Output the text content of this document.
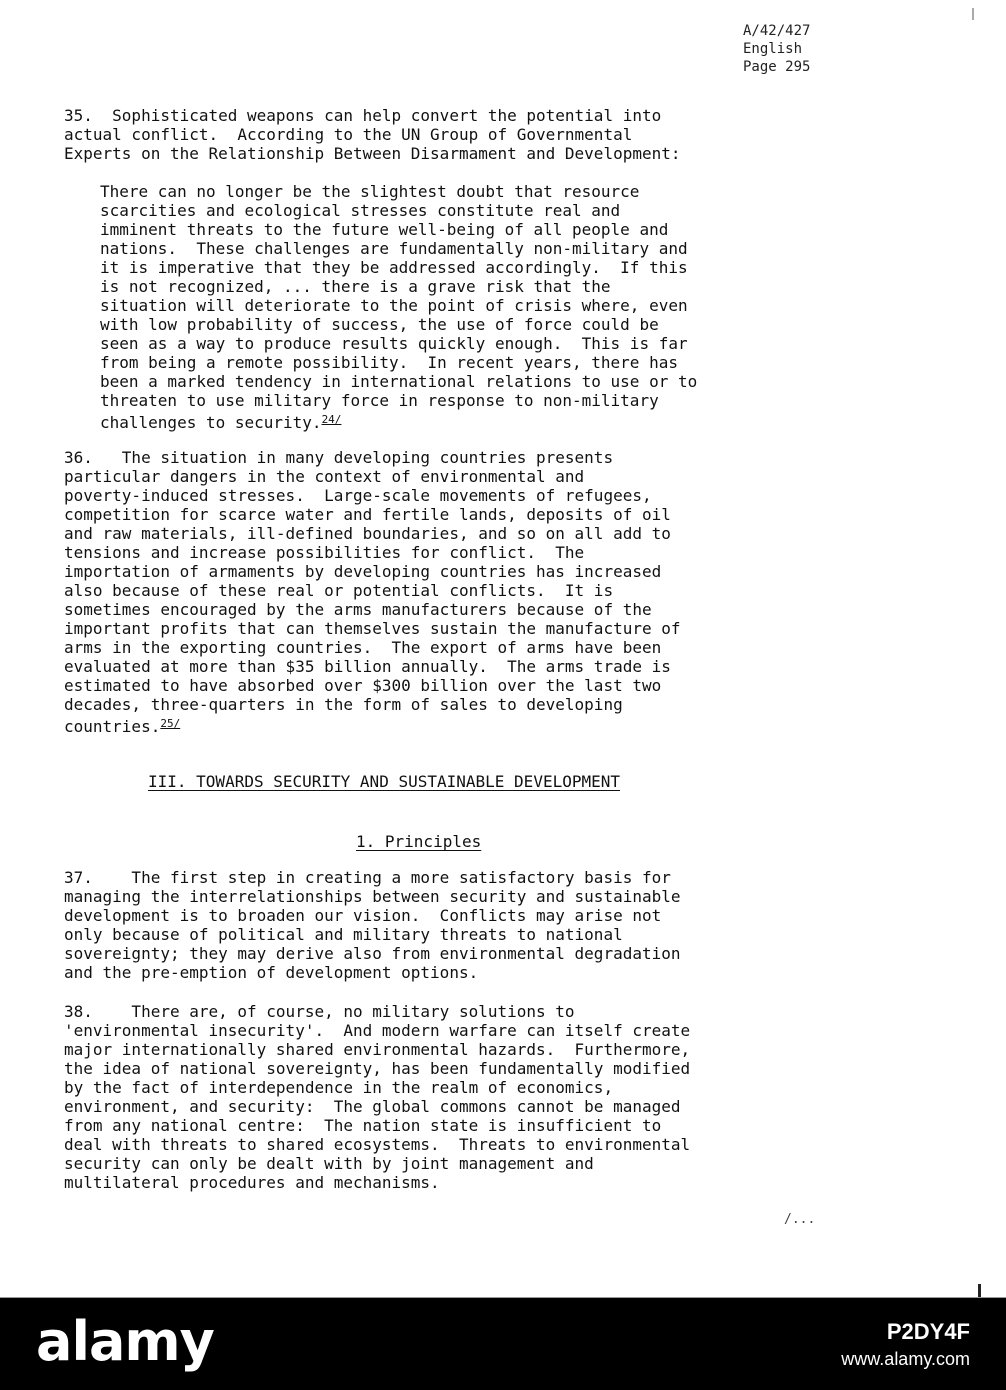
A/42/427
English
Page 295
35.  Sophisticated weapons can help convert the potential into
actual conflict.  According to the UN Group of Governmental
Experts on the Relationship Between Disarmament and Development:
There can no longer be the slightest doubt that resource
scarcities and ecological stresses constitute real and
imminent threats to the future well-being of all people and
nations.  These challenges are fundamentally non-military and
it is imperative that they be addressed accordingly.  If this
is not recognized, ... there is a grave risk that the
situation will deteriorate to the point of crisis where, even
with low probability of success, the use of force could be
seen as a way to produce results quickly enough.  This is far
from being a remote possibility.  In recent years, there has
been a marked tendency in international relations to use or to
threaten to use military force in response to non-military
challenges to security.$^{24/}$
36.   The situation in many developing countries presents
particular dangers in the context of environmental and
poverty-induced stresses.  Large-scale movements of refugees,
competition for scarce water and fertile lands, deposits of oil
and raw materials, ill-defined boundaries, and so on all add to
tensions and increase possibilities for conflict.  The
importation of armaments by developing countries has increased
also because of these real or potential conflicts.  It is
sometimes encouraged by the arms manufacturers because of the
important profits that can themselves sustain the manufacture of
arms in the exporting countries.  The export of arms have been
evaluated at more than $35 billion annually.  The arms trade is
estimated to have absorbed over $300 billion over the last two
decades, three-quarters in the form of sales to developing
countries.$^{25/}$
III. TOWARDS SECURITY AND SUSTAINABLE DEVELOPMENT
1. Principles
37.    The first step in creating a more satisfactory basis for
managing the interrelationships between security and sustainable
development is to broaden our vision.  Conflicts may arise not
only because of political and military threats to national
sovereignty; they may derive also from environmental degradation
and the pre-emption of development options.
38.    There are, of course, no military solutions to
'environmental insecurity'.  And modern warfare can itself create
major internationally shared environmental hazards.  Furthermore,
the idea of national sovereignty, has been fundamentally modified
by the fact of interdependence in the realm of economics,
environment, and security:  The global commons cannot be managed
from any national centre:  The nation state is insufficient to
deal with threats to shared ecosystems.  Threats to environmental
security can only be dealt with by joint management and
multilateral procedures and mechanisms.
/...
alamy	P2DY4F
www.alamy.com
